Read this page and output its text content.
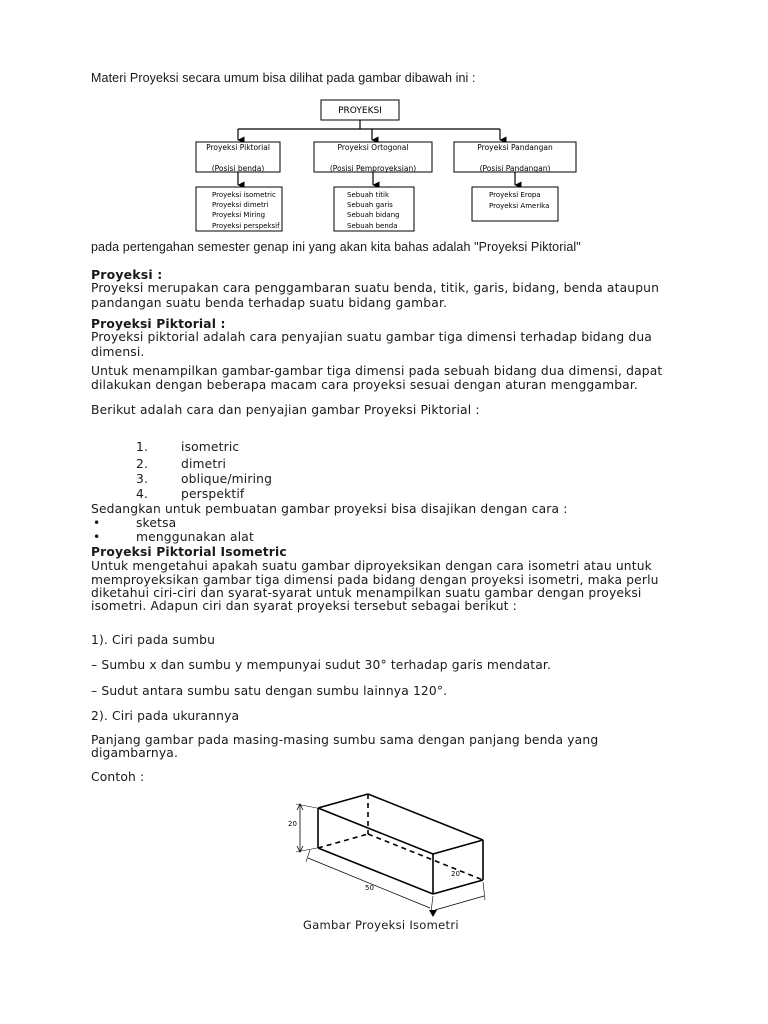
Materi Proyeksi secara umum bisa dilihat pada gambar dibawah ini :
PROYEKSI
Proyeksi Piktorial
(Posisi benda)
Proyeksi Ortogonal
(Posisi Pemproyeksian)
Proyeksi Pandangan
(Posisi Pandangan)
Proyeksi isometric
Proyeksi dimetri
Proyeksi Miring
Proyeksi perspeksif
Sebuah titik
Sebuah garis
Sebuah bidang
Sebuah benda
Proyeksi Eropa
Proyeksi Amerika
pada pertengahan semester genap ini yang akan kita bahas adalah "Proyeksi Piktorial"
Proyeksi :
Proyeksi merupakan cara penggambaran suatu benda, titik, garis, bidang, benda ataupun
pandangan suatu benda terhadap suatu bidang gambar.
Proyeksi Piktorial :
Proyeksi piktorial adalah cara penyajian suatu gambar tiga dimensi terhadap bidang dua
dimensi.
Untuk menampilkan gambar-gambar tiga dimensi pada sebuah bidang dua dimensi, dapat
dilakukan dengan beberapa macam cara proyeksi sesuai dengan aturan menggambar.
Berikut adalah cara dan penyajian gambar Proyeksi Piktorial :
1.	isometric
2.	dimetri
3.	oblique/miring
4.	perspektif
Sedangkan untuk pembuatan gambar proyeksi bisa disajikan dengan cara :
•	sketsa
•	menggunakan alat
Proyeksi Piktorial Isometric
Untuk mengetahui apakah suatu gambar diproyeksikan dengan cara isometri atau untuk
memproyeksikan gambar tiga dimensi pada bidang dengan proyeksi isometri, maka perlu
diketahui ciri-ciri dan syarat-syarat untuk menampilkan suatu gambar dengan proyeksi
isometri. Adapun ciri dan syarat proyeksi tersebut sebagai berikut :
1). Ciri pada sumbu
– Sumbu x dan sumbu y mempunyai sudut 30° terhadap garis mendatar.
– Sudut antara sumbu satu dengan sumbu lainnya 120°.
2). Ciri pada ukurannya
Panjang gambar pada masing-masing sumbu sama dengan panjang benda yang
digambarnya.
Contoh :
20
50
20
Gambar Proyeksi Isometri
